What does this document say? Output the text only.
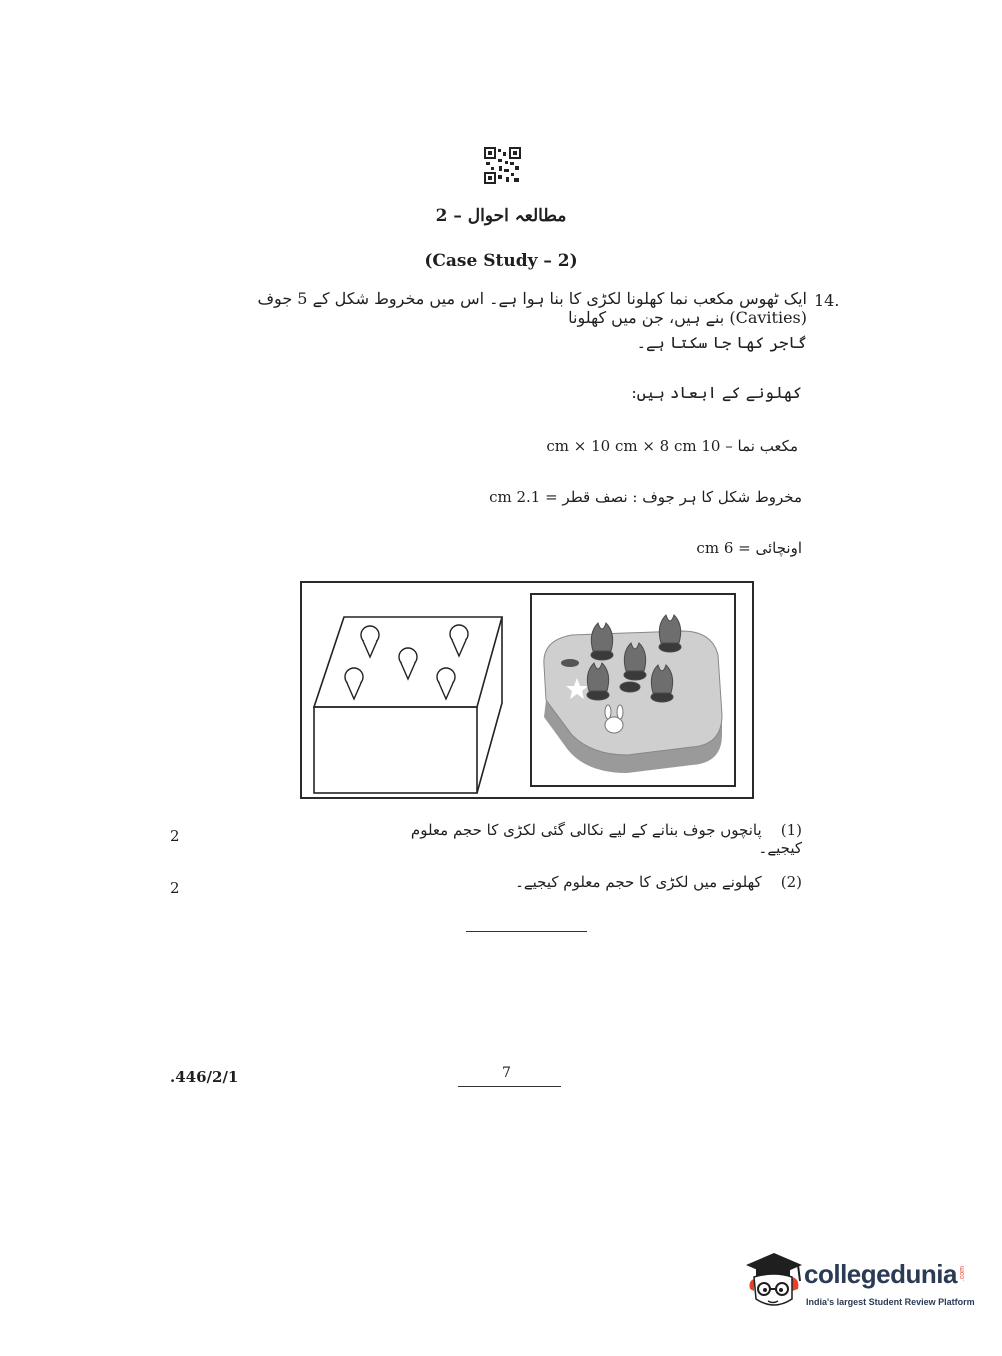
مطالعہ احوال – 2
(Case Study – 2)
14.
ایک ٹھوس مکعب نما کھلونا لکڑی کا بنا ہوا ہے۔ اس میں مخروط شکل کے 5 جوف (Cavities) بنے ہیں، جن میں کھلونا
گاجر کھا جا سکتا ہے۔
کھلونے کے ابعاد ہیں:
مکعب نما – 10 cm × 10 cm × 8 cm
مخروط شکل کا ہر جوف : نصف قطر = 2.1 cm
اونچائی = 6 cm
(1)    پانچوں جوف بنانے کے لیے نکالی گئی لکڑی کا حجم معلوم کیجیے۔
2
(2)    کھلونے میں لکڑی کا حجم معلوم کیجیے۔
2
.446/2/1	7
collegedunia .com
India's largest Student Review Platform
